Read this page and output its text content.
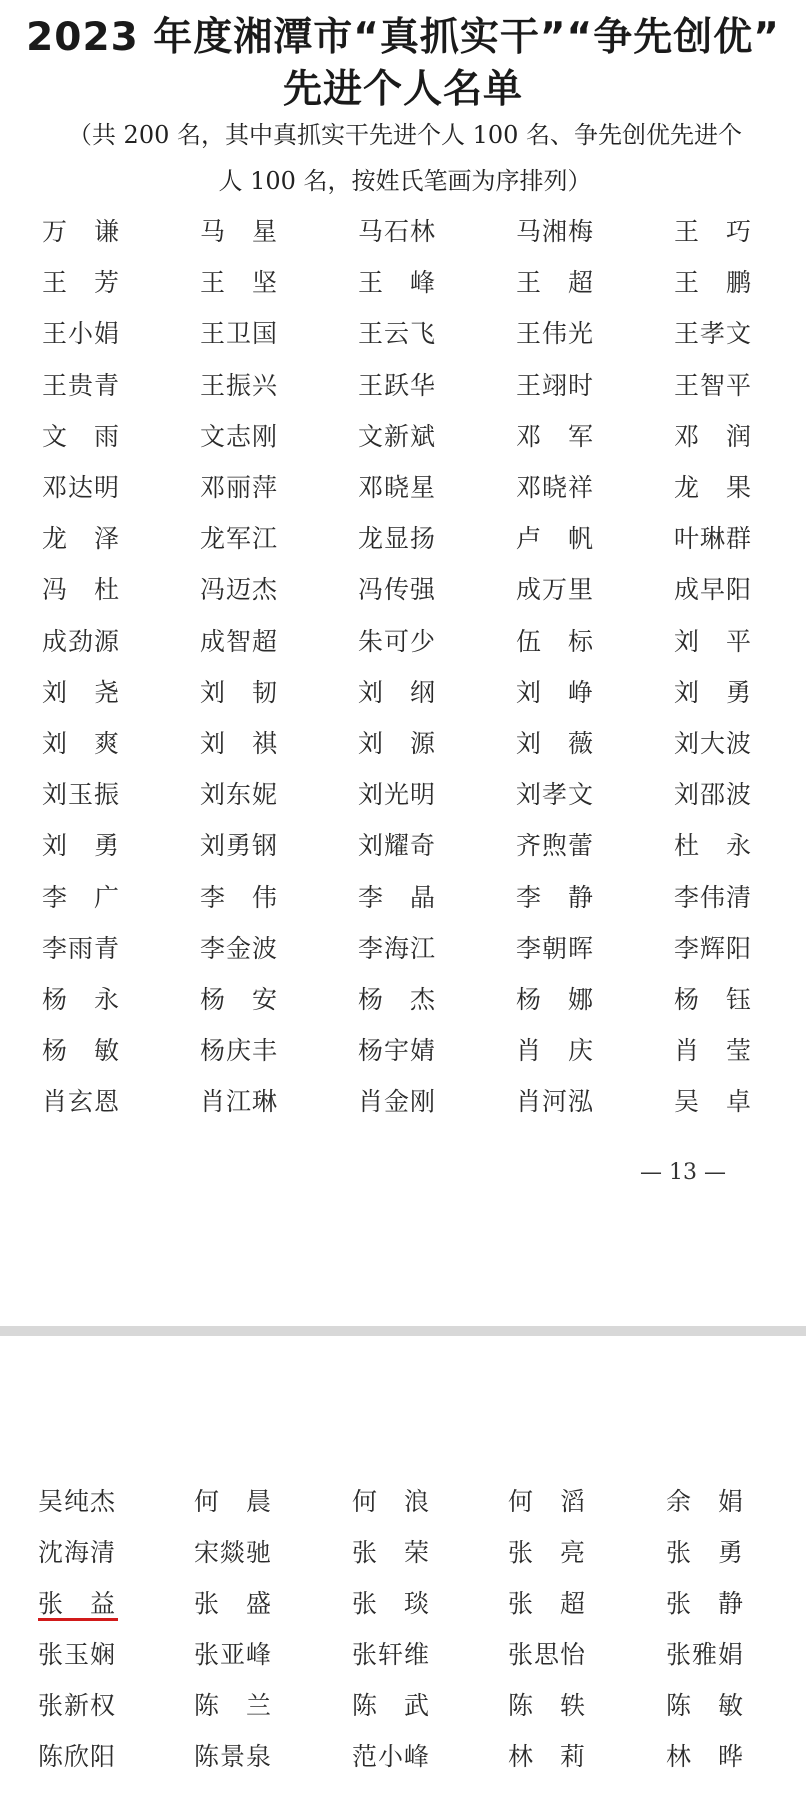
2023 年度湘潭市“真抓实干”“争先创优”
先进个人名单
（共 200 名，其中真抓实干先进个人 100 名、争先创优先进个
人 100 名，按姓氏笔画为序排列）
万　谦	马　星	马石林	马湘梅	王　巧
王　芳	王　坚	王　峰	王　超	王　鹏
王小娟	王卫国	王云飞	王伟光	王孝文
王贵青	王振兴	王跃华	王翊时	王智平
文　雨	文志刚	文新斌	邓　军	邓　润
邓达明	邓丽萍	邓晓星	邓晓祥	龙　果
龙　泽	龙军江	龙显扬	卢　帆	叶琳群
冯　杜	冯迈杰	冯传强	成万里	成早阳
成劲源	成智超	朱可少	伍　标	刘　平
刘　尧	刘　韧	刘　纲	刘　峥	刘　勇
刘　爽	刘　祺	刘　源	刘　薇	刘大波
刘玉振	刘东妮	刘光明	刘孝文	刘邵波
刘　勇	刘勇钢	刘耀奇	齐煦蕾	杜　永
李　广	李　伟	李　晶	李　静	李伟清
李雨青	李金波	李海江	李朝晖	李辉阳
杨　永	杨　安	杨　杰	杨　娜	杨　钰
杨　敏	杨庆丰	杨宇婧	肖　庆	肖　莹
肖玄恩	肖江琳	肖金刚	肖河泓	吴　卓
— 13 —
吴纯杰	何　晨	何　浪	何　滔	余　娟
沈海清	宋燚驰	张　荣	张　亮	张　勇
张　益	张　盛	张　琰	张　超	张　静
张玉娴	张亚峰	张轩维	张思怡	张雅娟
张新权	陈　兰	陈　武	陈　轶	陈　敏
陈欣阳	陈景泉	范小峰	林　莉	林　晔
